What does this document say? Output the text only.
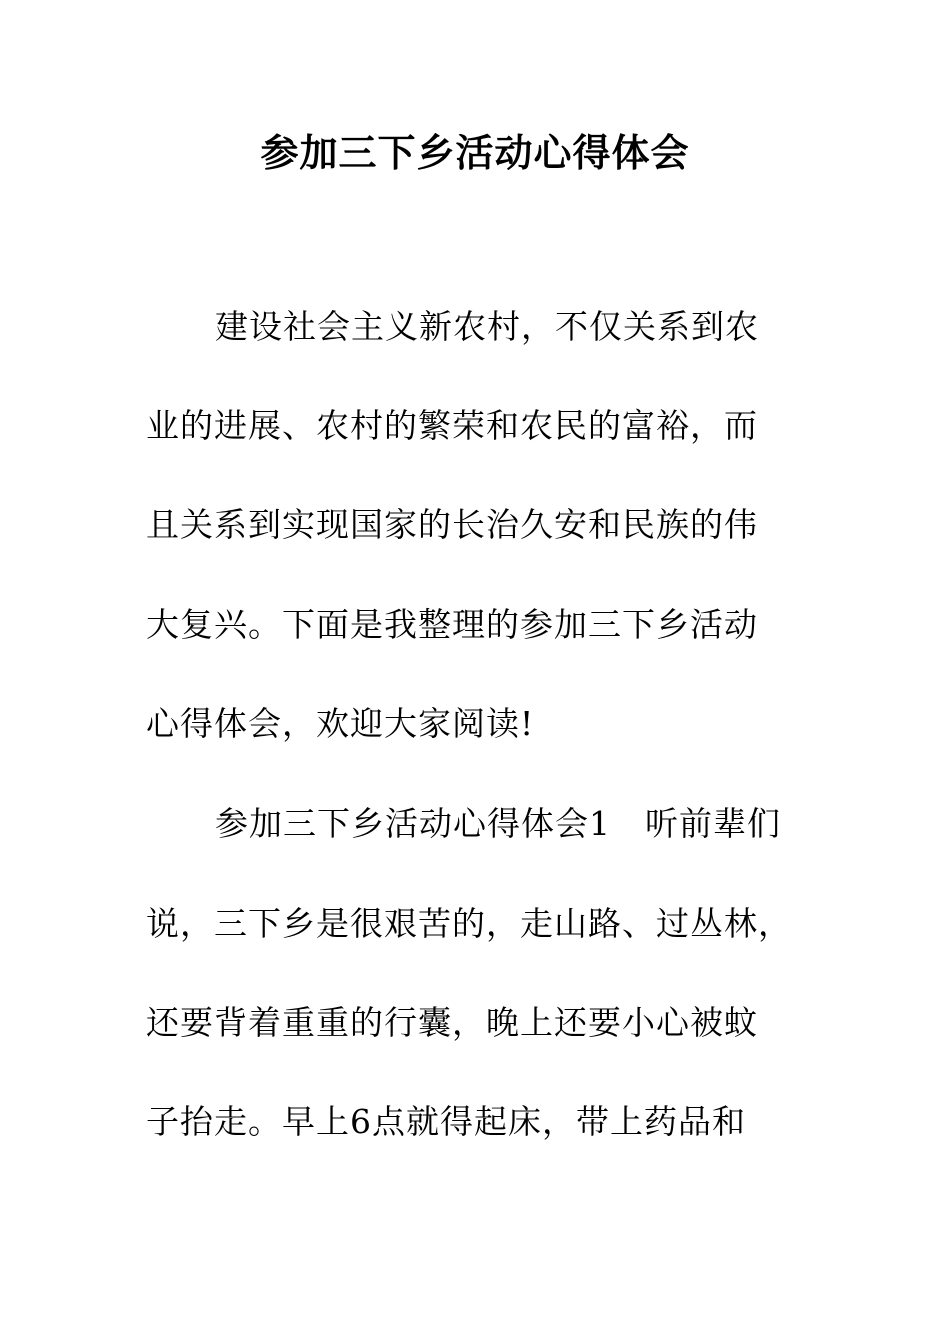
参加三下乡活动心得体会
建设社会主义新农村，不仅关系到农
业的进展、农村的繁荣和农民的富裕，而
且关系到实现国家的长治久安和民族的伟
大复兴。下面是我整理的参加三下乡活动
心得体会，欢迎大家阅读!
参加三下乡活动心得体会1　听前辈们
说，三下乡是很艰苦的，走山路、过丛林，
还要背着重重的行囊，晚上还要小心被蚊
子抬走。早上6点就得起床，带上药品和
